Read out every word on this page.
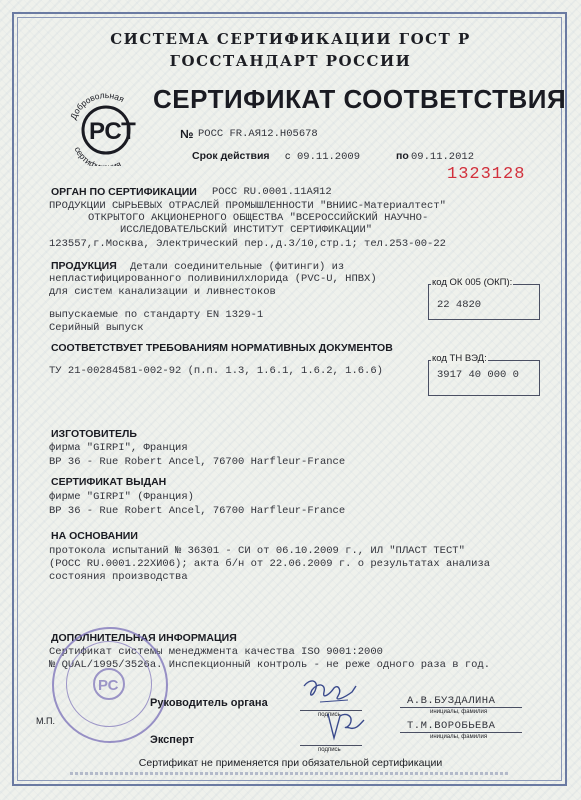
СИСТЕМА СЕРТИФИКАЦИИ ГОСТ Р
ГОССТАНДАРТ РОССИИ
РСТ
Добровольная
сертифи ия
СЕРТИФИКАТ СООТВЕТСТВИЯ
№ РОСС FR.АЯ12.Н05678
Срок действия с 09.11.2009	по 09.11.2012
1323128
ОРГАН ПО СЕРТИФИКАЦИИ РОСС RU.0001.11АЯ12
ПРОДУКЦИИ СЫРЬЕВЫХ ОТРАСЛЕЙ ПРОМЫШЛЕННОСТИ "ВНИИС-Материалтест"
ОТКРЫТОГО АКЦИОНЕРНОГО ОБЩЕСТВА "ВСЕРОССИЙСКИЙ НАУЧНО-
ИССЛЕДОВАТЕЛЬСКИЙ ИНСТИТУТ СЕРТИФИКАЦИИ"
123557,г.Москва, Электрический пер.,д.3/10,стр.1; тел.253-00-22
ПРОДУКЦИЯ Детали соединительные (фитинги) из
непластифицированного поливинилхлорида (PVC-U, НПВХ)
для систем канализации и ливнестоков
выпускаемые по стандарту EN 1329-1
Серийный выпуск
код ОК 005 (ОКП):
22 4820
СООТВЕТСТВУЕТ ТРЕБОВАНИЯМ НОРМАТИВНЫХ ДОКУМЕНТОВ
ТУ 21-00284581-002-92 (п.п. 1.3, 1.6.1, 1.6.2, 1.6.6)
код ТН ВЭД:
3917 40 000 0
ИЗГОТОВИТЕЛЬ
фирма "GIRPI", Франция
BP 36 - Rue Robert Ancel, 76700 Harfleur-France
СЕРТИФИКАТ ВЫДАН
фирме "GIRPI" (Франция)
BP 36 - Rue Robert Ancel, 76700 Harfleur-France
НА ОСНОВАНИИ
протокола испытаний № 36301 - СИ от 06.10.2009 г., ИЛ "ПЛАСТ ТЕСТ"
(РОСС RU.0001.22ХИ06); акта б/н от 22.06.2009 г. о результатах анализа
состояния производства
ДОПОЛНИТЕЛЬНАЯ ИНФОРМАЦИЯ
Сертификат системы менеджмента качества ISO 9001:2000
№ QUAL/1995/3526а. Инспекционный контроль - не реже одного раза в год.
РС
М.П.
Руководитель органа
подпись
А.В.БУЗДАЛИНА
инициалы, фамилия
Эксперт
подпись
Т.М.ВОРОБЬЕВА
инициалы, фамилия
Сертификат не применяется при обязательной сертификации
